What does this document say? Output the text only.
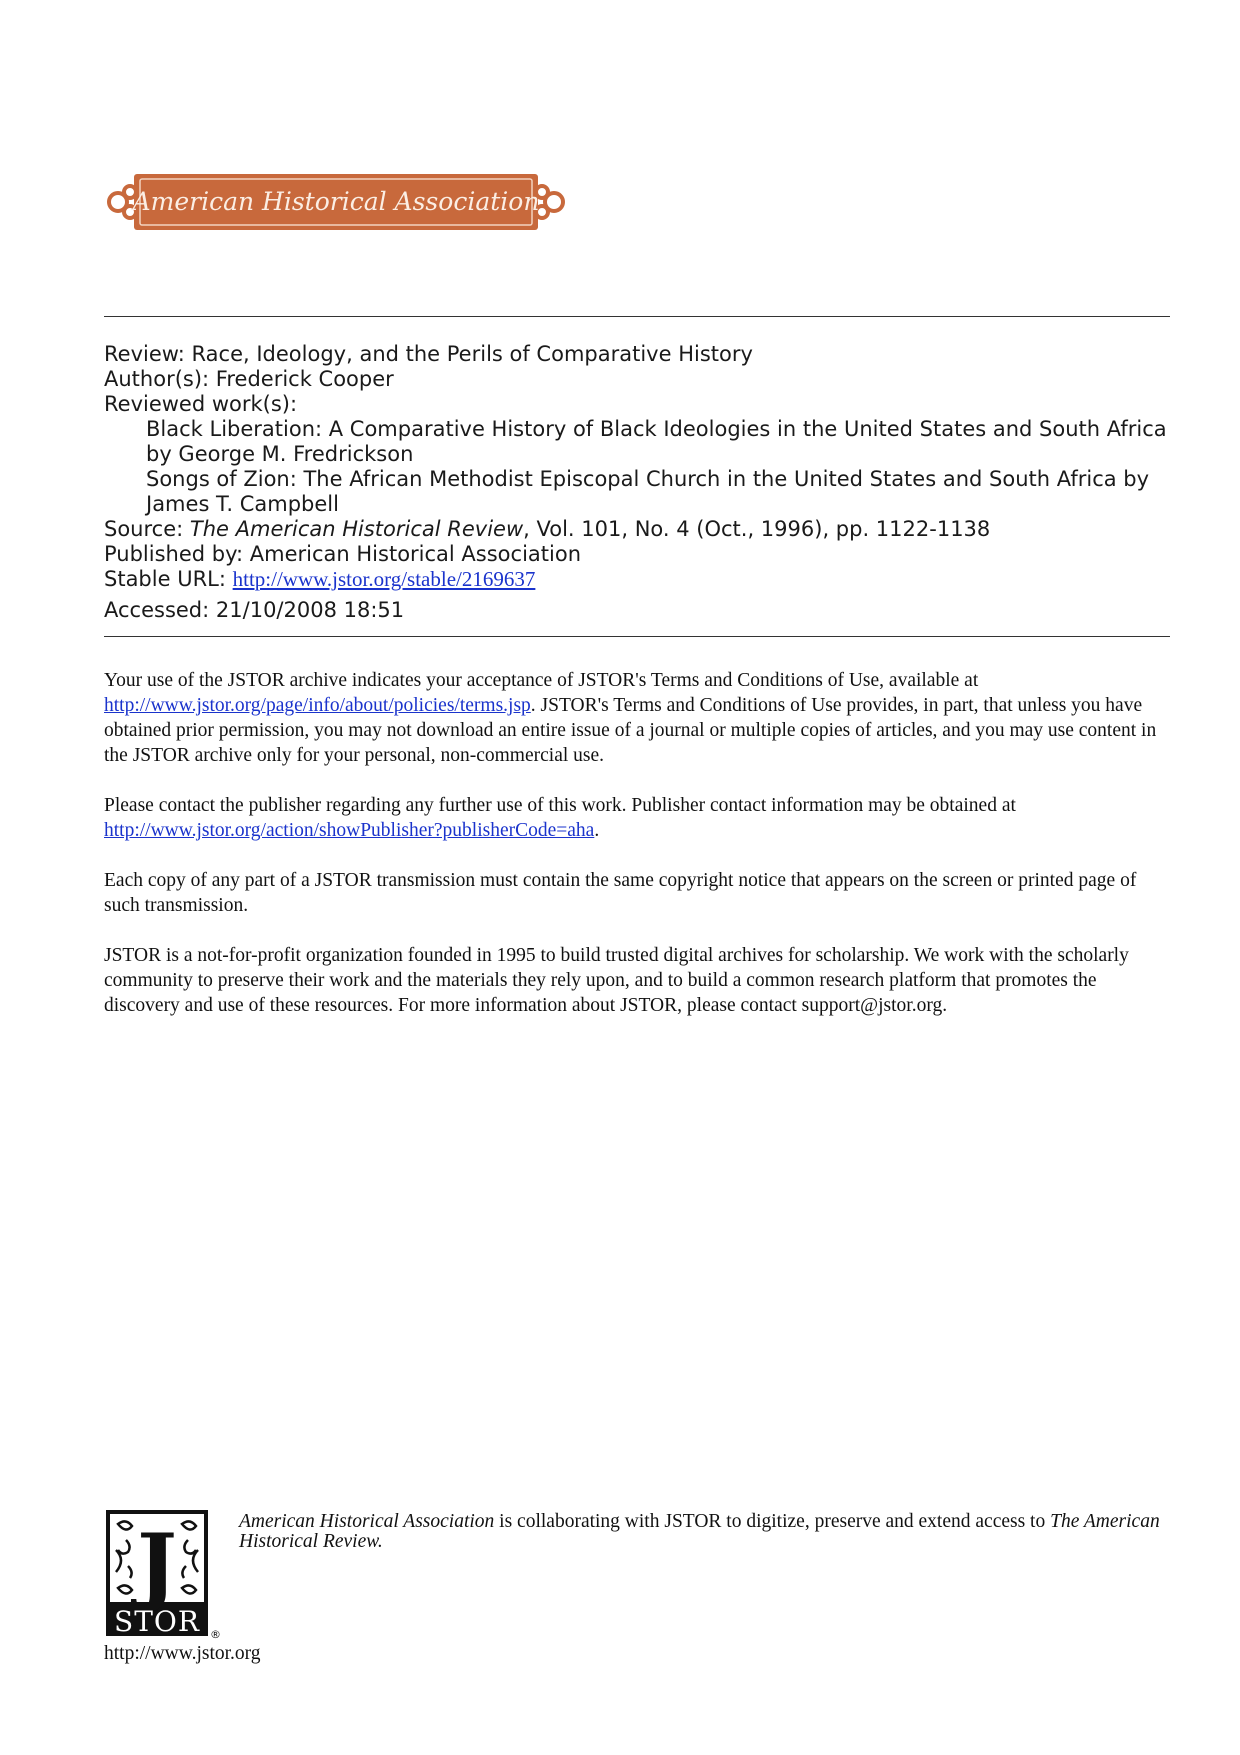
American Historical Association
Review: Race, Ideology, and the Perils of Comparative History
Author(s): Frederick Cooper
Reviewed work(s):
Black Liberation: A Comparative History of Black Ideologies in the United States and South Africa by George M. Fredrickson
Songs of Zion: The African Methodist Episcopal Church in the United States and South Africa by James T. Campbell
Source: The American Historical Review, Vol. 101, No. 4 (Oct., 1996), pp. 1122-1138
Published by: American Historical Association
Stable URL: http://www.jstor.org/stable/2169637
Accessed: 21/10/2008 18:51

Your use of the JSTOR archive indicates your acceptance of JSTOR's Terms and Conditions of Use, available at http://www.jstor.org/page/info/about/policies/terms.jsp. JSTOR's Terms and Conditions of Use provides, in part, that unless you have obtained prior permission, you may not download an entire issue of a journal or multiple copies of articles, and you may use content in the JSTOR archive only for your personal, non-commercial use.

Please contact the publisher regarding any further use of this work. Publisher contact information may be obtained at http://www.jstor.org/action/showPublisher?publisherCode=aha.

Each copy of any part of a JSTOR transmission must contain the same copyright notice that appears on the screen or printed page of such transmission.

JSTOR is a not-for-profit organization founded in 1995 to build trusted digital archives for scholarship. We work with the scholarly community to preserve their work and the materials they rely upon, and to build a common research platform that promotes the discovery and use of these resources. For more information about JSTOR, please contact support@jstor.org.

J
STOR ®
American Historical Association is collaborating with JSTOR to digitize, preserve and extend access to The American Historical Review.
http://www.jstor.org
